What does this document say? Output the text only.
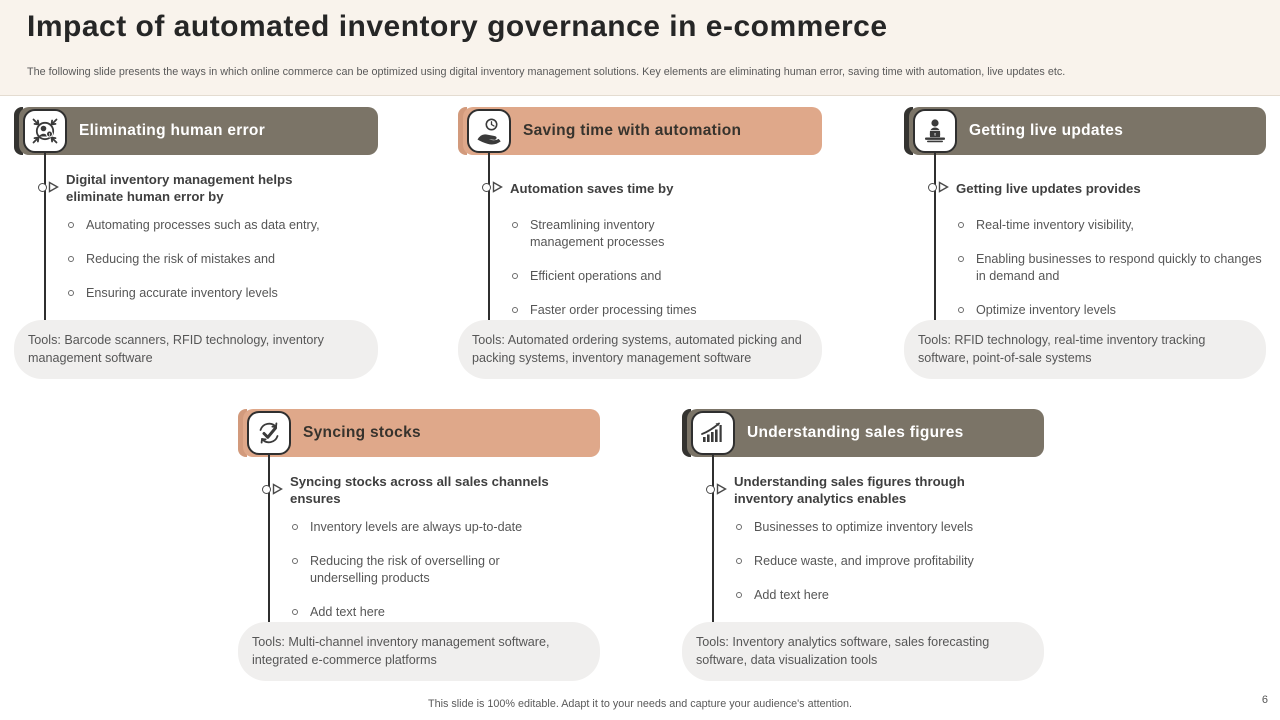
Impact of automated inventory governance in e-commerce
The following slide presents the ways in which online commerce can be optimized using digital inventory management solutions. Key elements are eliminating human error, saving time with automation, live updates etc.
! Eliminating human error
Digital inventory management helps eliminate human error by
Automating processes such as data entry,
Reducing the risk of mistakes and
Ensuring accurate inventory levels
Tools: Barcode scanners, RFID technology, inventory management software
Saving time with automation
Automation saves time by
Streamlining inventory management processes
Efficient operations and
Faster order processing times
Tools: Automated ordering systems, automated picking and packing systems, inventory management software
o Getting live updates
Getting live updates provides
Real-time inventory visibility,
Enabling businesses to respond quickly to changes in demand and
Optimize inventory levels
Tools: RFID technology, real-time inventory tracking software, point-of-sale systems
Syncing stocks
Syncing stocks across all sales channels ensures
Inventory levels are always up-to-date
Reducing the risk of overselling or underselling products
Add text here
Tools: Multi-channel inventory management software, integrated e-commerce platforms
Understanding sales figures
Understanding sales figures through inventory analytics enables
Businesses to optimize inventory levels
Reduce waste, and improve profitability
Add text here
Tools: Inventory analytics software, sales forecasting software, data visualization tools
This slide is 100% editable. Adapt it to your needs and capture your audience's attention.	6
